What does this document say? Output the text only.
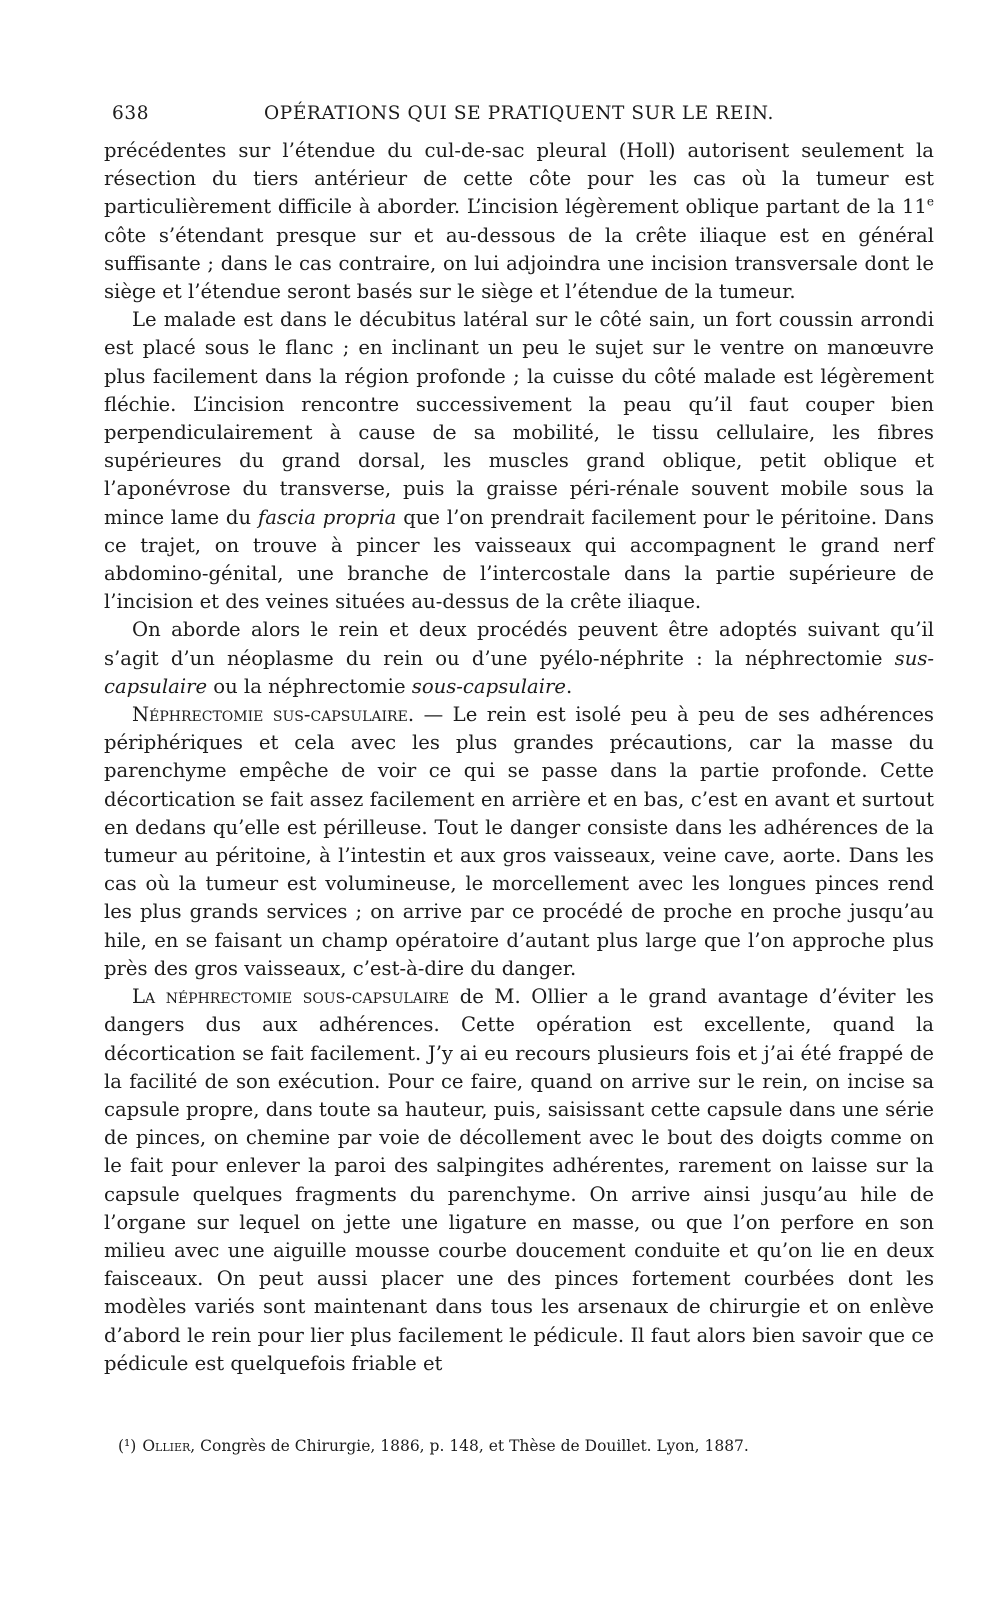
638	OPÉRATIONS QUI SE PRATIQUENT SUR LE REIN.

précédentes sur l’étendue du cul-de-sac pleural (Holl) autorisent seulement la résection du tiers antérieur de cette côte pour les cas où la tumeur est particulièrement difficile à aborder. L’incision légèrement oblique partant de la 11e côte s’étendant presque sur et au-dessous de la crête iliaque est en général suffisante ; dans le cas contraire, on lui adjoindra une incision transversale dont le siège et l’étendue seront basés sur le siège et l’étendue de la tumeur.

Le malade est dans le décubitus latéral sur le côté sain, un fort coussin arrondi est placé sous le flanc ; en inclinant un peu le sujet sur le ventre on manœuvre plus facilement dans la région profonde ; la cuisse du côté malade est légèrement fléchie. L’incision rencontre successivement la peau qu’il faut couper bien perpendiculairement à cause de sa mobilité, le tissu cellulaire, les fibres supérieures du grand dorsal, les muscles grand oblique, petit oblique et l’aponévrose du transverse, puis la graisse péri-rénale souvent mobile sous la mince lame du fascia propria que l’on prendrait facilement pour le péritoine. Dans ce trajet, on trouve à pincer les vaisseaux qui accompagnent le grand nerf abdomino-génital, une branche de l’intercostale dans la partie supérieure de l’incision et des veines situées au-dessus de la crête iliaque.

On aborde alors le rein et deux procédés peuvent être adoptés suivant qu’il s’agit d’un néoplasme du rein ou d’une pyélo-néphrite : la néphrectomie sus-capsulaire ou la néphrectomie sous-capsulaire.

Néphrectomie sus-capsulaire. — Le rein est isolé peu à peu de ses adhérences périphériques et cela avec les plus grandes précautions, car la masse du parenchyme empêche de voir ce qui se passe dans la partie profonde. Cette décortication se fait assez facilement en arrière et en bas, c’est en avant et surtout en dedans qu’elle est périlleuse. Tout le danger consiste dans les adhérences de la tumeur au péritoine, à l’intestin et aux gros vaisseaux, veine cave, aorte. Dans les cas où la tumeur est volumineuse, le morcellement avec les longues pinces rend les plus grands services ; on arrive par ce procédé de proche en proche jusqu’au hile, en se faisant un champ opératoire d’autant plus large que l’on approche plus près des gros vaisseaux, c’est-à-dire du danger.

La néphrectomie sous-capsulaire de M. Ollier a le grand avantage d’éviter les dangers dus aux adhérences. Cette opération est excellente, quand la décortication se fait facilement. J’y ai eu recours plusieurs fois et j’ai été frappé de la facilité de son exécution. Pour ce faire, quand on arrive sur le rein, on incise sa capsule propre, dans toute sa hauteur, puis, saisissant cette capsule dans une série de pinces, on chemine par voie de décollement avec le bout des doigts comme on le fait pour enlever la paroi des salpingites adhérentes, rarement on laisse sur la capsule quelques fragments du parenchyme. On arrive ainsi jusqu’au hile de l’organe sur lequel on jette une ligature en masse, ou que l’on perfore en son milieu avec une aiguille mousse courbe doucement conduite et qu’on lie en deux faisceaux. On peut aussi placer une des pinces fortement courbées dont les modèles variés sont maintenant dans tous les arsenaux de chirurgie et on enlève d’abord le rein pour lier plus facilement le pédicule. Il faut alors bien savoir que ce pédicule est quelquefois friable et

(¹) Ollier, Congrès de Chirurgie, 1886, p. 148, et Thèse de Douillet. Lyon, 1887.
